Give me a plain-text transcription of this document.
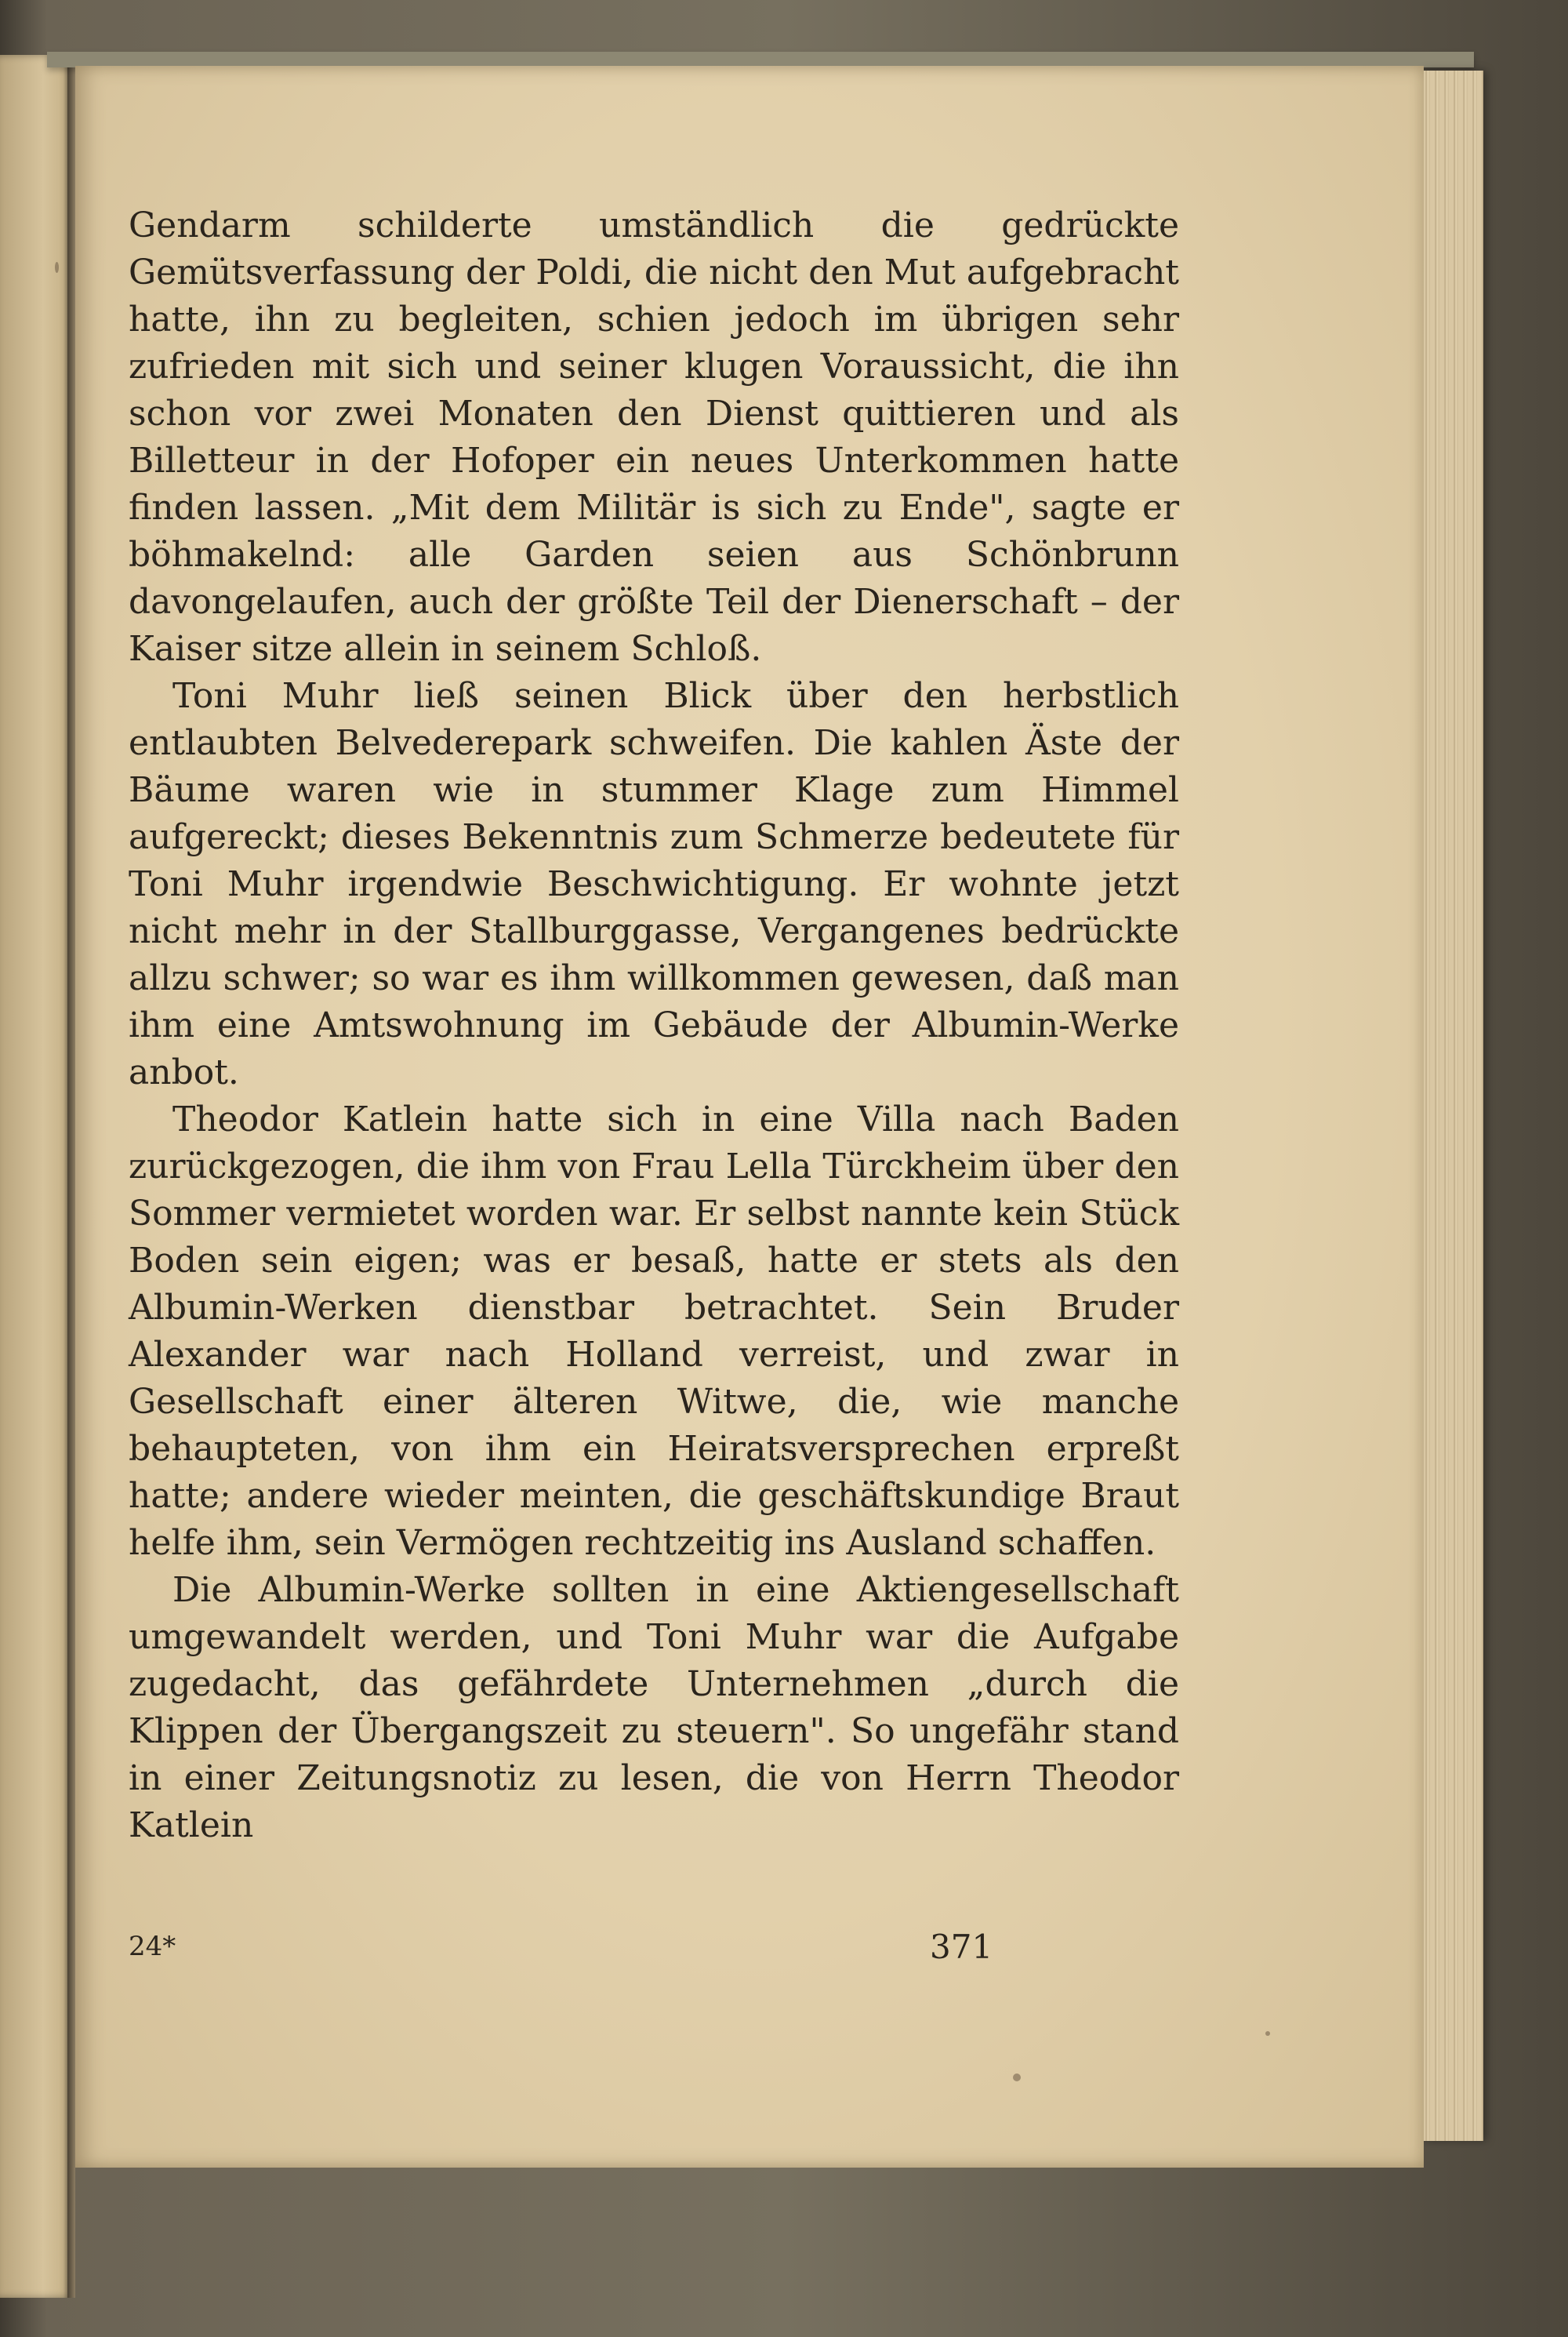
Gendarm schilderte umständlich die gedrückte Gemütsverfassung der Poldi, die nicht den Mut aufgebracht hatte, ihn zu begleiten, schien jedoch im übrigen sehr zufrieden mit sich und seiner klugen Voraussicht, die ihn schon vor zwei Monaten den Dienst quittieren und als Billetteur in der Hofoper ein neues Unterkommen hatte finden lassen. „Mit dem Militär is sich zu Ende", sagte er böhmakelnd: alle Garden seien aus Schönbrunn davongelaufen, auch der größte Teil der Dienerschaft – der Kaiser sitze allein in seinem Schloß.

Toni Muhr ließ seinen Blick über den herbstlich entlaubten Belvederepark schweifen. Die kahlen Äste der Bäume waren wie in stummer Klage zum Himmel aufgereckt; dieses Bekenntnis zum Schmerze bedeutete für Toni Muhr irgendwie Beschwichtigung. Er wohnte jetzt nicht mehr in der Stallburggasse, Vergangenes bedrückte allzu schwer; so war es ihm willkommen gewesen, daß man ihm eine Amtswohnung im Gebäude der Albumin-Werke anbot.

Theodor Katlein hatte sich in eine Villa nach Baden zurückgezogen, die ihm von Frau Lella Türckheim über den Sommer vermietet worden war. Er selbst nannte kein Stück Boden sein eigen; was er besaß, hatte er stets als den Albumin-Werken dienstbar betrachtet. Sein Bruder Alexander war nach Holland verreist, und zwar in Gesellschaft einer älteren Witwe, die, wie manche behaupteten, von ihm ein Heiratsversprechen erpreßt hatte; andere wieder meinten, die geschäftskundige Braut helfe ihm, sein Vermögen rechtzeitig ins Ausland schaffen.

Die Albumin-Werke sollten in eine Aktiengesellschaft umgewandelt werden, und Toni Muhr war die Aufgabe zugedacht, das gefährdete Unternehmen „durch die Klippen der Übergangszeit zu steuern". So ungefähr stand in einer Zeitungsnotiz zu lesen, die von Herrn Theodor Katlein

24*	371
